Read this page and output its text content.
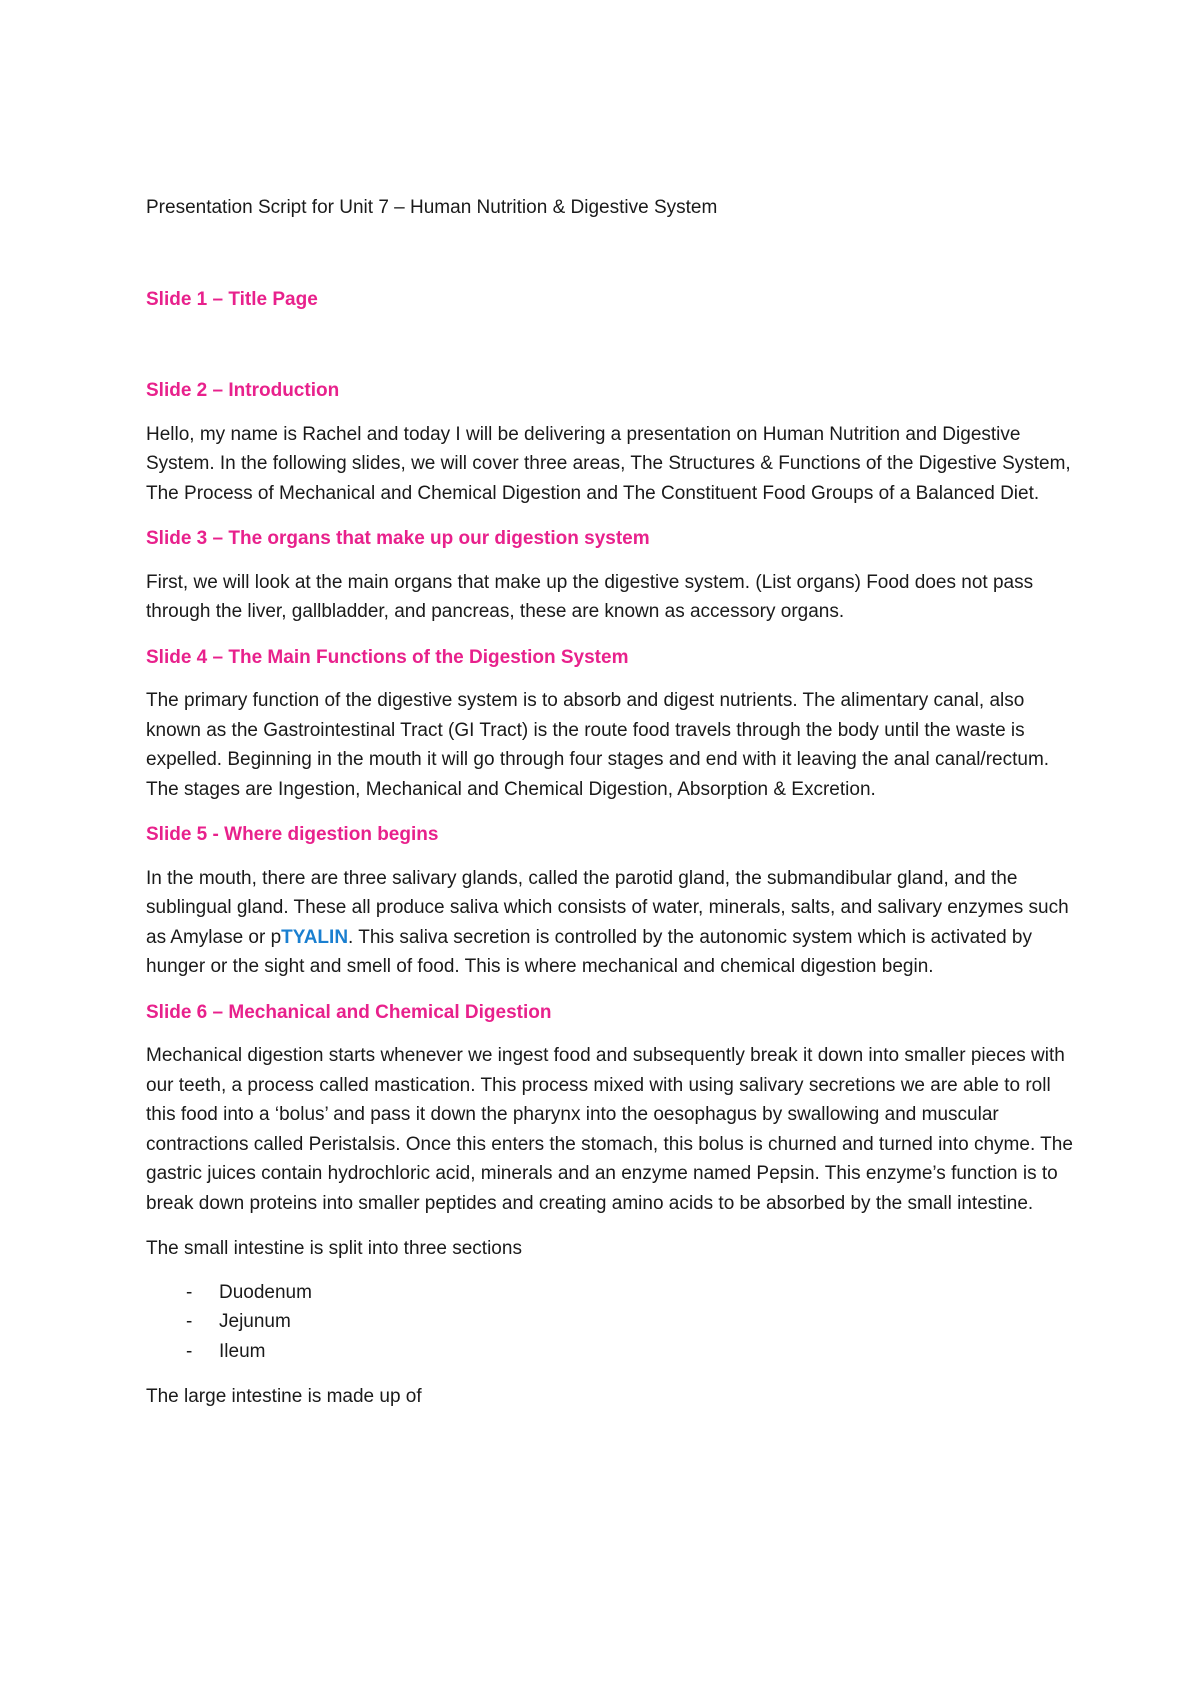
Presentation Script for Unit 7 – Human Nutrition & Digestive System

Slide 1 – Title Page

Slide 2 – Introduction

Hello, my name is Rachel and today I will be delivering a presentation on Human Nutrition and Digestive System. In the following slides, we will cover three areas, The Structures & Functions of the Digestive System, The Process of Mechanical and Chemical Digestion and The Constituent Food Groups of a Balanced Diet.

Slide 3 – The organs that make up our digestion system

First, we will look at the main organs that make up the digestive system. (List organs) Food does not pass through the liver, gallbladder, and pancreas, these are known as accessory organs.

Slide 4 – The Main Functions of the Digestion System

The primary function of the digestive system is to absorb and digest nutrients. The alimentary canal, also known as the Gastrointestinal Tract (GI Tract) is the route food travels through the body until the waste is expelled. Beginning in the mouth it will go through four stages and end with it leaving the anal canal/rectum. The stages are Ingestion, Mechanical and Chemical Digestion, Absorption & Excretion.

Slide 5 - Where digestion begins

In the mouth, there are three salivary glands, called the parotid gland, the submandibular gland, and the sublingual gland. These all produce saliva which consists of water, minerals, salts, and salivary enzymes such as Amylase or pTYALIN. This saliva secretion is controlled by the autonomic system which is activated by hunger or the sight and smell of food. This is where mechanical and chemical digestion begin.

Slide 6 – Mechanical and Chemical Digestion

Mechanical digestion starts whenever we ingest food and subsequently break it down into smaller pieces with our teeth, a process called mastication. This process mixed with using salivary secretions we are able to roll this food into a ‘bolus’ and pass it down the pharynx into the oesophagus by swallowing and muscular contractions called Peristalsis. Once this enters the stomach, this bolus is churned and turned into chyme. The gastric juices contain hydrochloric acid, minerals and an enzyme named Pepsin. This enzyme’s function is to break down proteins into smaller peptides and creating amino acids to be absorbed by the small intestine.

The small intestine is split into three sections

- Duodenum
- Jejunum
- Ileum

The large intestine is made up of
